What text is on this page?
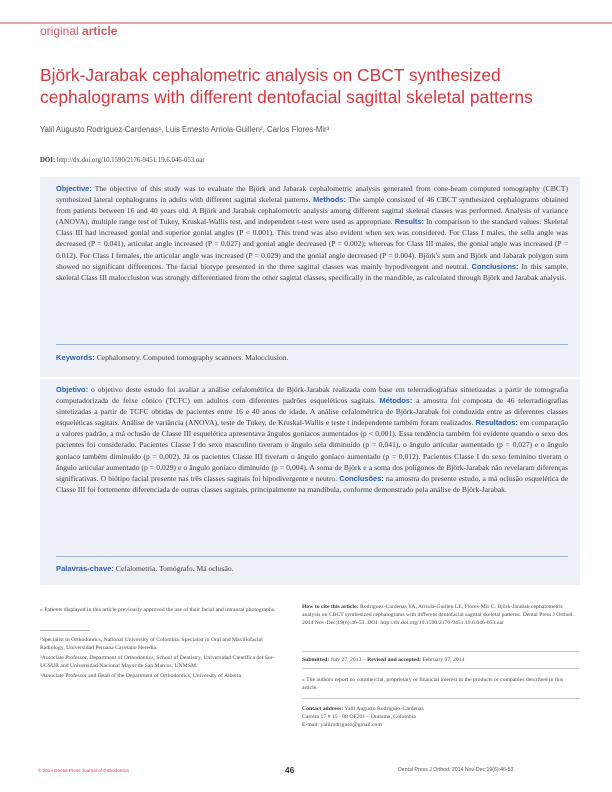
original article
Björk-Jarabak cephalometric analysis on CBCT synthesized cephalograms with different dentofacial sagittal skeletal patterns
Yalil Augusto Rodriguez-Cardenas¹, Luis Ernesto Arriola-Guillen², Carlos Flores-Mir³
DOI: http://dx.doi.org/10.1590/2176-9451.19.6.046-053.oar
Objective: The objective of this study was to evaluate the Björk and Jabarak cephalometric analysis generated from cone-beam computed tomography (CBCT) synthesized lateral cephalograms in adults with different sagittal skeletal patterns. Methods: The sample consisted of 46 CBCT synthesized cephalograms obtained from patients between 16 and 40 years old. A Björk and Jarabak cephalometric analysis among different sagittal skeletal classes was performed. Analysis of variance (ANOVA), multiple range test of Tukey, Kruskal-Wallis test, and independent t-test were used as appropriate. Results: In comparison to the standard values: Skeletal Class III had increased gonial and superior gonial angles (P < 0.001). This trend was also evident when sex was considered. For Class I males, the sella angle was decreased (P = 0.041), articular angle increased (P = 0.027) and gonial angle decreased (P = 0.002); whereas for Class III males, the gonial angle was increased (P = 0.012). For Class I females, the articular angle was increased (P = 0.029) and the gonial angle decreased (P = 0.004). Björk's sum and Björk and Jabarak polygon sum showed no significant differences. The facial biotype presented in the three sagittal classes was mainly hypodivergent and neutral. Conclusions: In this sample, skeletal Class III malocclusion was strongly differentiated from the other sagittal classes, specifically in the mandible, as calculated through Björk and Jarabak analysis.
Keywords: Cephalometry. Computed tomography scanners. Malocclusion.
Objetivo: o objetivo deste estudo foi avaliar a análise cefalométrica de Björk-Jarabak realizada com base em telerradiografias sintetizadas a partir de tomografia computadorizada de feixe cônico (TCFC) em adultos com diferentes padrões esqueléticos sagitais. Métodos: a amostra foi composta de 46 telerradiografias sintetizadas a partir de TCFC obtidas de pacientes entre 16 e 40 anos de idade. A análise cefalométrica de Björk-Jarabak foi conduzida entre as diferentes classes esqueléticas sagitais. Análise de variância (ANOVA), teste de Tukey, de Kruskal-Wallis e teste t independente também foram realizados. Resultados: em comparação a valores padrão, a má oclusão de Classe III esquelética apresentava ângulos goníacos aumentados (p < 0,001). Essa tendência também foi evidente quando o sexo dos pacientes foi considerado. Pacientes Classe I do sexo masculino tiveram o ângulo sela diminuído (p = 0,041), o ângulo articular aumentado (p = 0,027) e o ângulo goníaco também diminuído (p = 0,002). Já os pacientes Classe III tiveram o ângulo goníaco aumentado (p = 0,012). Pacientes Classe I do sexo feminino tiveram o ângulo articular aumentado (p = 0,029) e o ângulo goníaco diminuído (p = 0,004). A soma de Björk e a soma dos polígonos de Björk-Jarabak não revelaram diferenças significativas. O biótipo facial presente nas três classes sagitais foi hipodivergente e neutro. Conclusões: na amostra do presente estudo, a má oclusão esquelética de Classe III foi fortemente diferenciada de outras classes sagitais, principalmente na mandíbula, conforme demonstrado pela análise de Björk-Jarabak.
Palavras-chave: Cefalometria. Tomógrafo. Má oclusão.
» Patients displayed in this article previously approved the use of their facial and intraoral photographs.

¹Specialist in Orthodontics, National University of Colombia. Specialist in Oral and Maxillofacial Radiology, Universidad Peruana Cayetano Heredia.

²Associate Professor, Department of Orthodontics, School of Dentistry, Universidad Científica del Sur-UCSUR and Universidad Nacional Mayor de San Marcos, UNMSM.

³Associate Professor and Head of the Department of Orthodontics, University of Alberta.

How to cite this article: Rodriguez-Cardenas YA, Arriola-Guillen LE, Flores-Mir C. Björk-Jarabak cephalometric analysis on CBCT synthesized cephalograms with different dentofacial sagittal skeletal patterns. Dental Press J Orthod. 2014 Nov-Dec;19(6):46-53. DOI: http://dx.doi.org/10.1590/2176-9451.19.6.046-053.oar
Submitted: July 27, 2013 – Revised and accepted: February 07, 2014
» The authors report no commercial, proprietary or financial interest in the products or companies described in this article.
Contact address: Yalil Augusto Rodriguez-Cardenas
Carrera 17 # 15 - 08 OF201 – Duitama, Colombia
E-mail: yalilrodriguez@gmail.com
© 2014 Dental Press Journal of Orthodontics	46	Dental Press J Orthod. 2014 Nov-Dec;19(6):46-53
